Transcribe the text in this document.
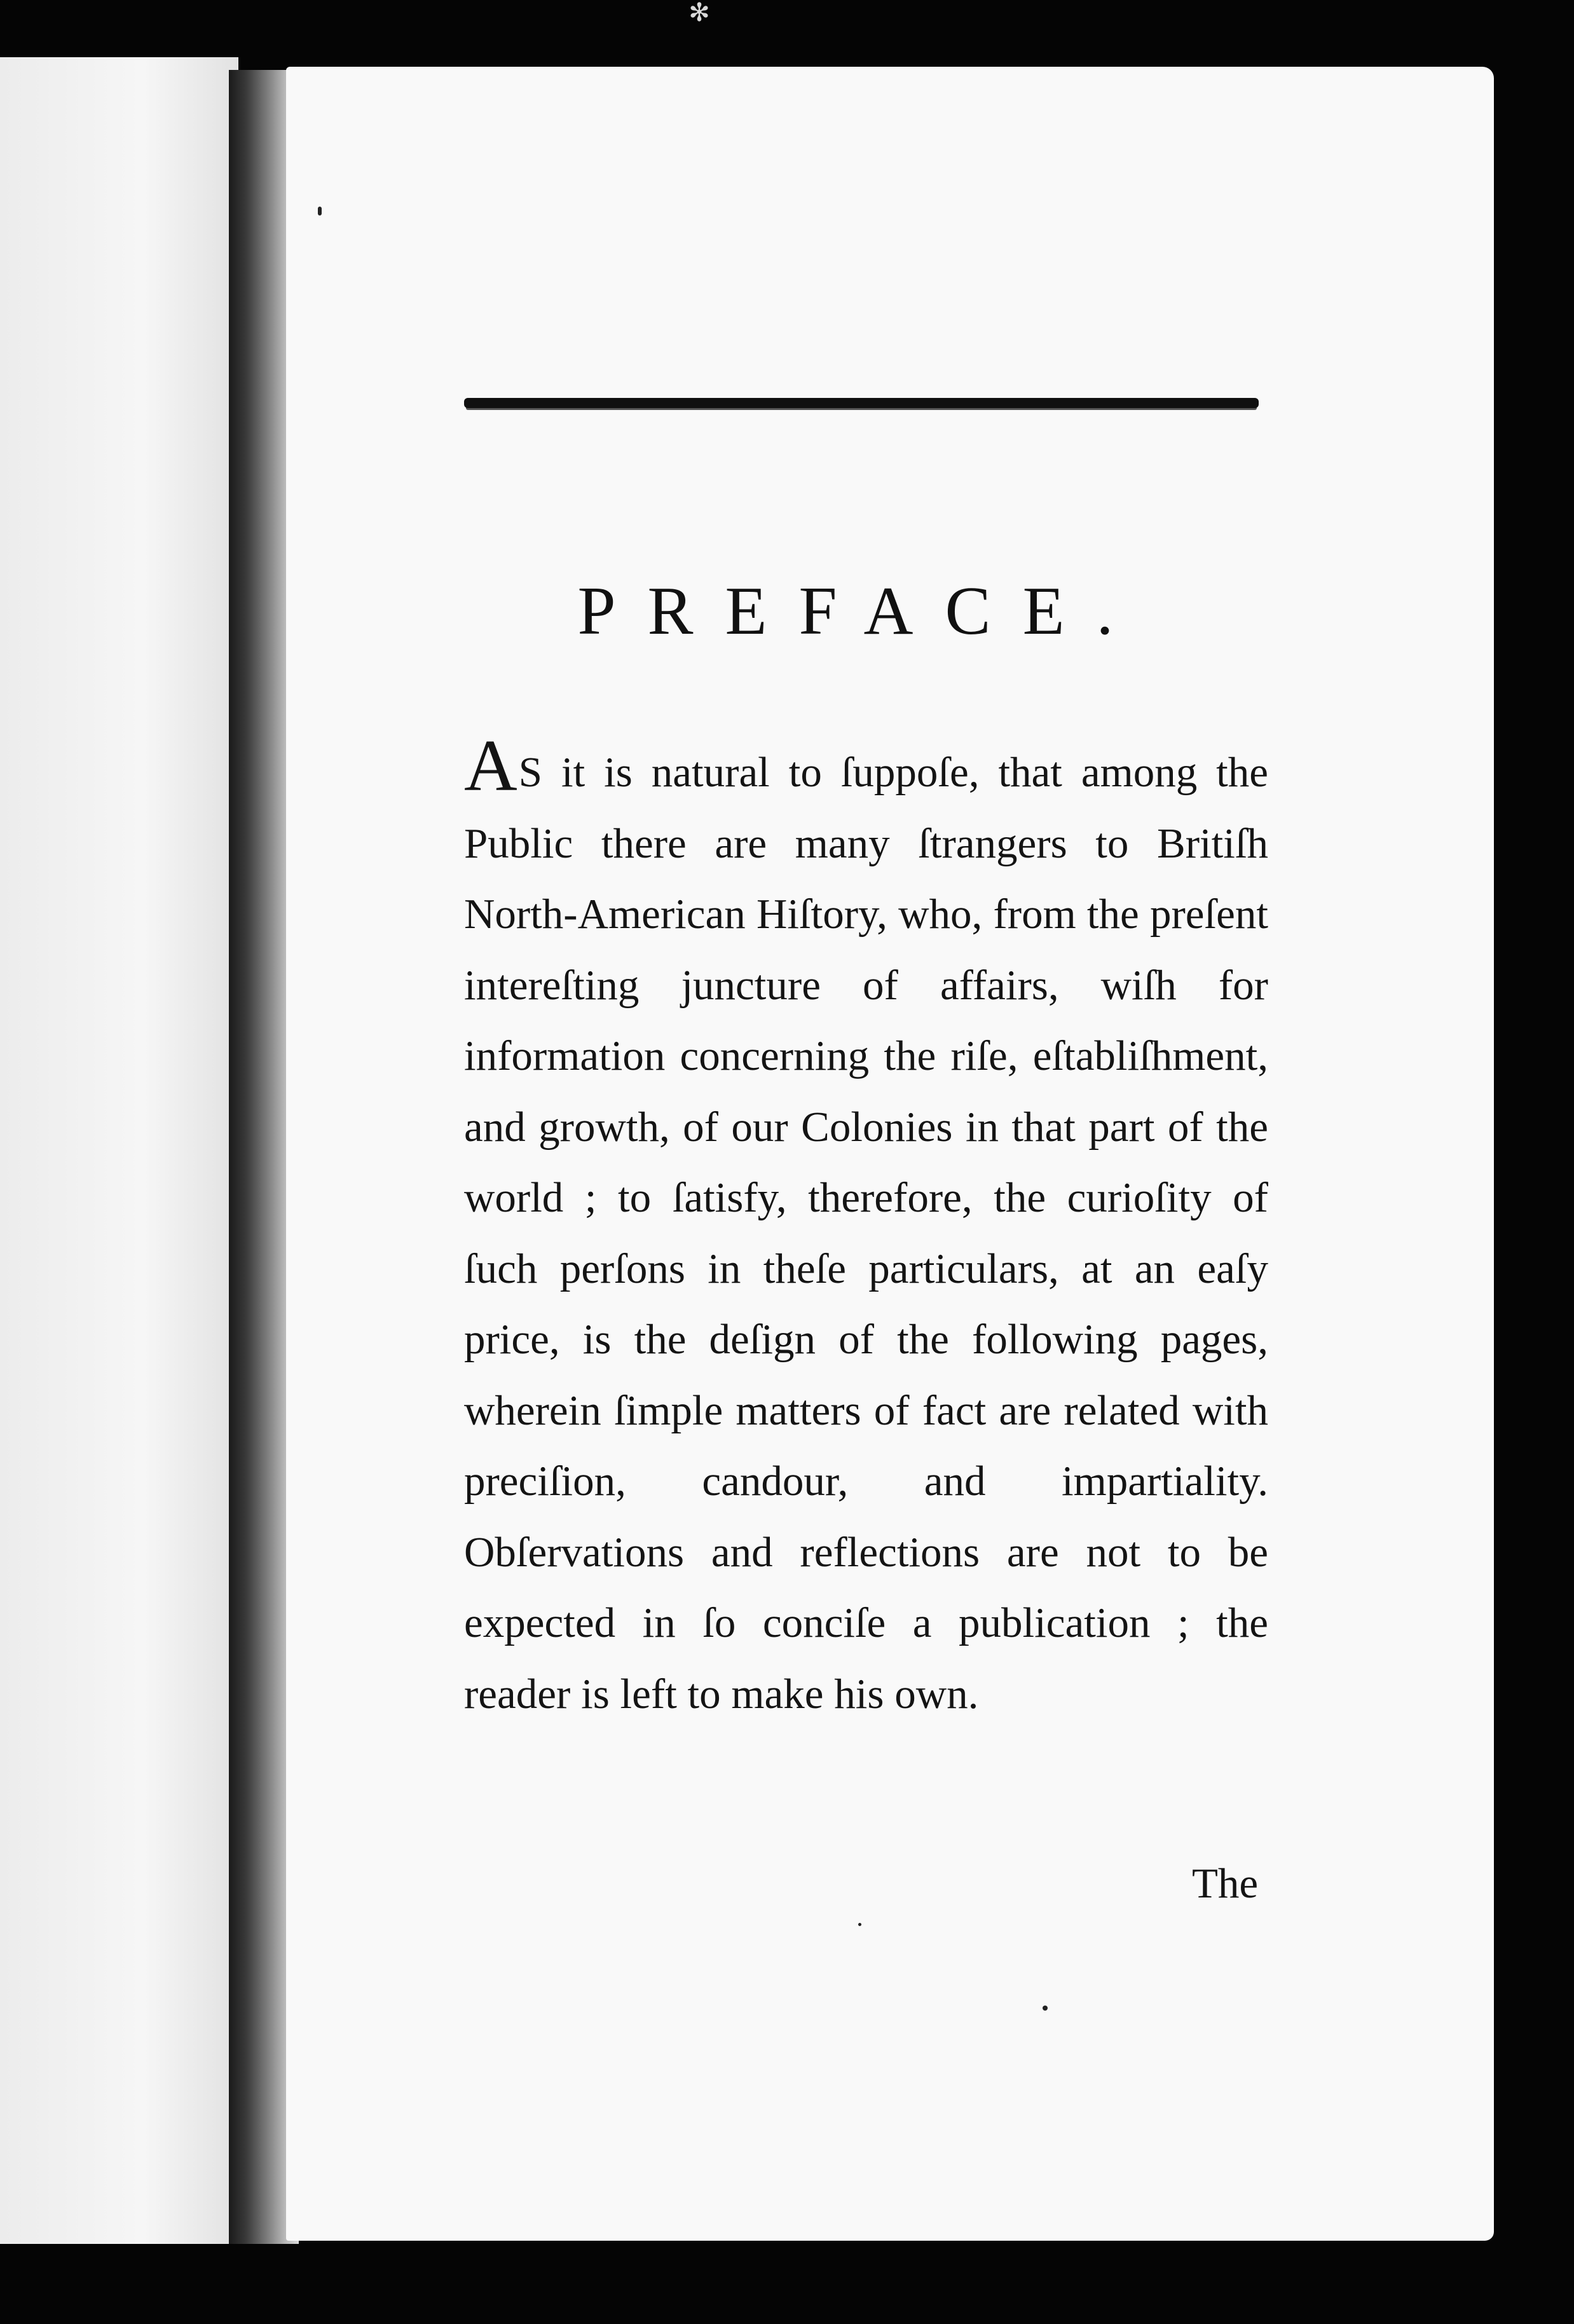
✻
PREFACE.

AS it is natural to ſuppoſe, that among the Public there are many ſtrangers to Britiſh North-American Hiſtory, who, from the preſent intereſting juncture of affairs, wiſh for information concerning the riſe, eſtabliſhment, and growth, of our Colonies in that part of the world ; to ſatisfy, therefore, the curioſity of ſuch perſons in theſe particulars, at an eaſy price, is the deſign of the following pages, wherein ſimple matters of fact are related with preciſion, candour, and impartiality. Obſervations and reflections are not to be expected in ſo conciſe a publication ; the reader is left to make his own.

The
